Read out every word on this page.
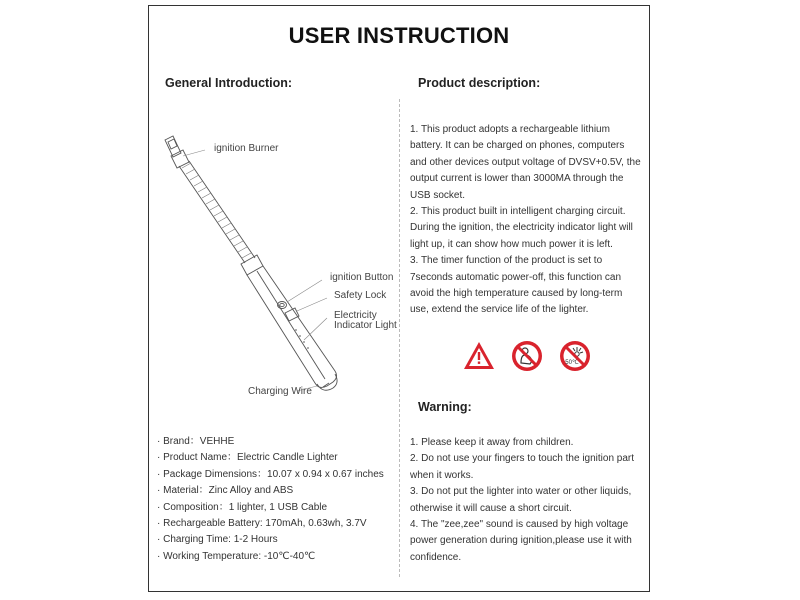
USER INSTRUCTION
General Introduction:	Product description:
ignition Burner
ignition Button
Safety Lock
Electricity
Indicator Light
Charging Wire

1. This product adopts a rechargeable lithium battery. It can be charged on phones, computers and other devices output voltage of DVSV+0.5V, the output current is lower than 3000MA through the USB socket.

2. This product built in intelligent charging circuit. During the ignition, the electricity indicator light will light up, it can show how much power it is left.

3. The timer function of the product is set to 7seconds automatic power-off, this function can avoid the high temperature caused by long-term use, extend the service life of the lighter.

50℃
Warning:
· Brand：VEHHE
· Product Name：Electric Candle Lighter
· Package Dimensions：10.07 x 0.94 x 0.67 inches
· Material：Zinc Alloy and ABS
· Composition：1 lighter, 1 USB Cable
· Rechargeable Battery: 170mAh, 0.63wh, 3.7V
· Charging Time: 1-2 Hours
· Working Temperature: -10℃-40℃

1. Please keep it away from children.

2. Do not use your fingers to touch the ignition part when it works.

3. Do not put the lighter into water or other liquids, otherwise it will cause a short circuit.

4. The "zee,zee" sound is caused by high voltage power generation during ignition,please use it with confidence.
